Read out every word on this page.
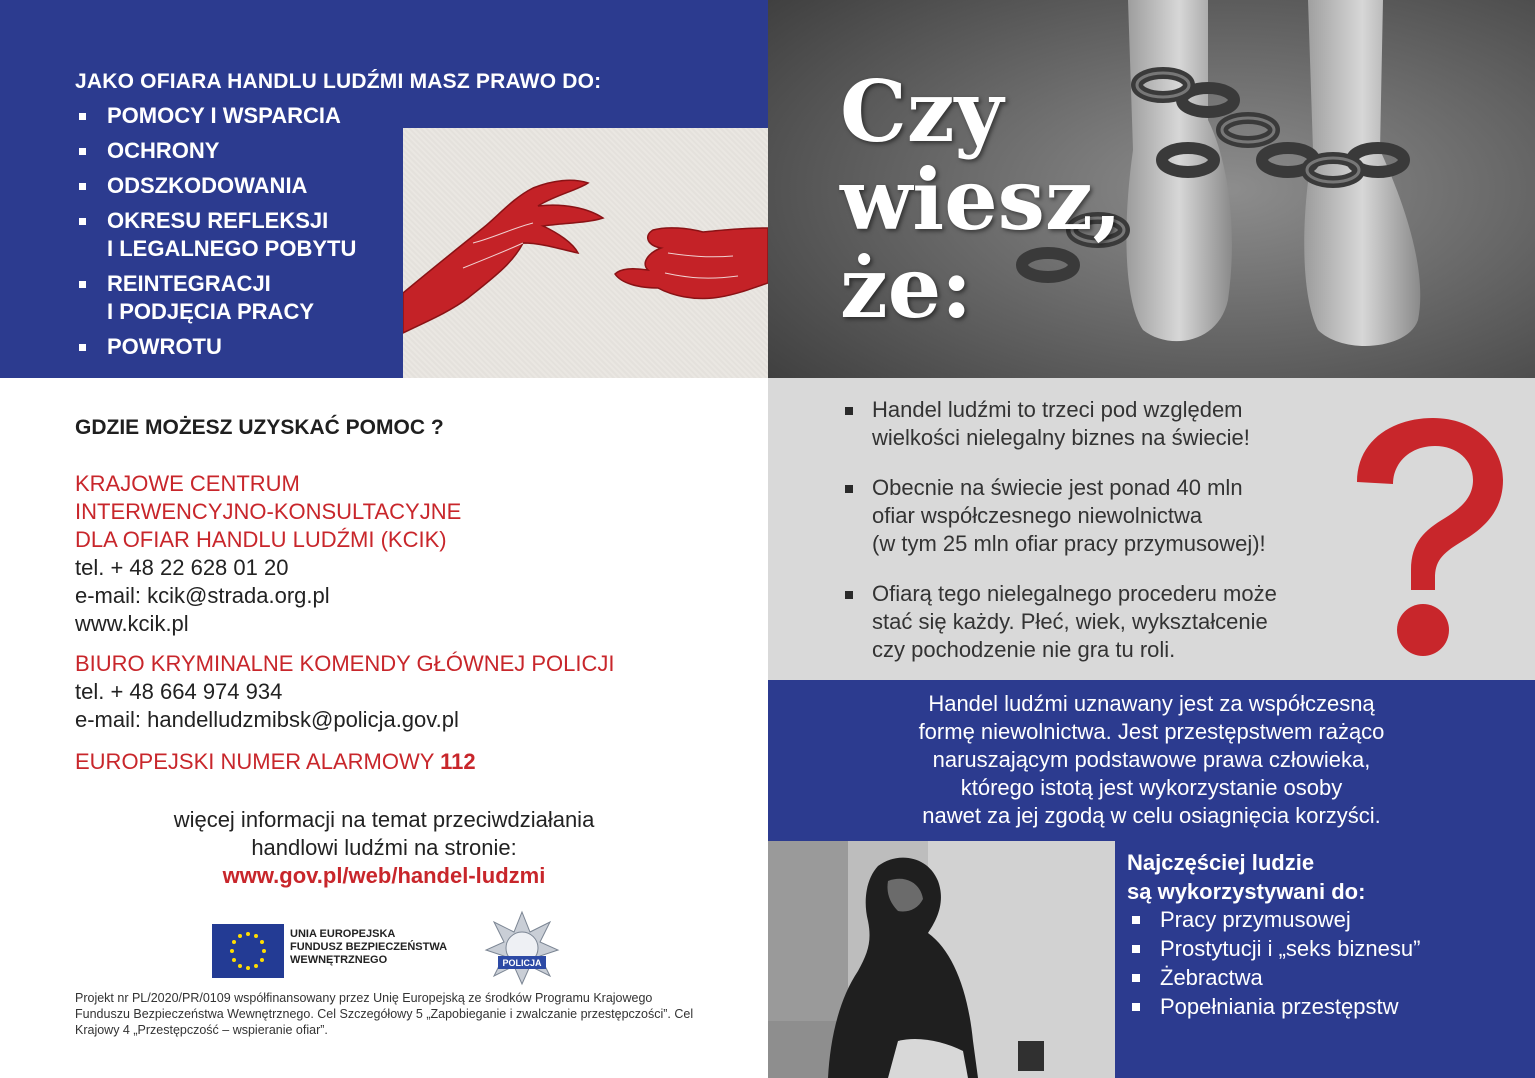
JAKO OFIARA HANDLU LUDŹMI MASZ PRAWO DO:
POMOCY I WSPARCIA
OCHRONY
ODSZKODOWANIA
OKRESU REFLEKSJI
I LEGALNEGO POBYTU
REINTEGRACJI
I PODJĘCIA PRACY
POWROTU
GDZIE MOŻESZ UZYSKAĆ POMOC ?
KRAJOWE CENTRUM
INTERWENCYJNO-KONSULTACYJNE
DLA OFIAR HANDLU LUDŹMI (KCIK)
tel. + 48 22 628 01 20
e-mail: kcik@strada.org.pl
www.kcik.pl
BIURO KRYMINALNE KOMENDY GŁÓWNEJ POLICJI
tel. + 48 664 974 934
e-mail: handelludzmibsk@policja.gov.pl
EUROPEJSKI NUMER ALARMOWY 112
więcej informacji na temat przeciwdziałania
handlowi ludźmi na stronie:
www.gov.pl/web/handel-ludzmi
UNIA EUROPEJSKA
FUNDUSZ BEZPIECZEŃSTWA
WEWNĘTRZNEGO	POLICJA
Projekt nr PL/2020/PR/0109 współfinansowany przez Unię Europejską ze środków Programu Krajowego Funduszu Bezpieczeństwa Wewnętrznego. Cel Szczegółowy 5 „Zapobieganie i zwalczanie przestępczości”. Cel Krajowy 4 „Przestępczość – wspieranie ofiar”.
Czy
wiesz,
że:
Handel ludźmi to trzeci pod względem
wielkości nielegalny biznes na świecie!
Obecnie na świecie jest ponad 40 mln
ofiar współczesnego niewolnictwa
(w tym 25 mln ofiar pracy przymusowej)!
Ofiarą tego nielegalnego procederu może
stać się każdy. Płeć, wiek, wykształcenie
czy pochodzenie nie gra tu roli.
Handel ludźmi uznawany jest za współczesną
formę niewolnictwa. Jest przestępstwem rażąco
naruszającym podstawowe prawa człowieka,
którego istotą jest wykorzystanie osoby
nawet za jej zgodą w celu osiagnięcia korzyści.
Najczęściej ludzie
są wykorzystywani do:
Pracy przymusowej
Prostytucji i „seks biznesu”
Żebractwa
Popełniania przestępstw
